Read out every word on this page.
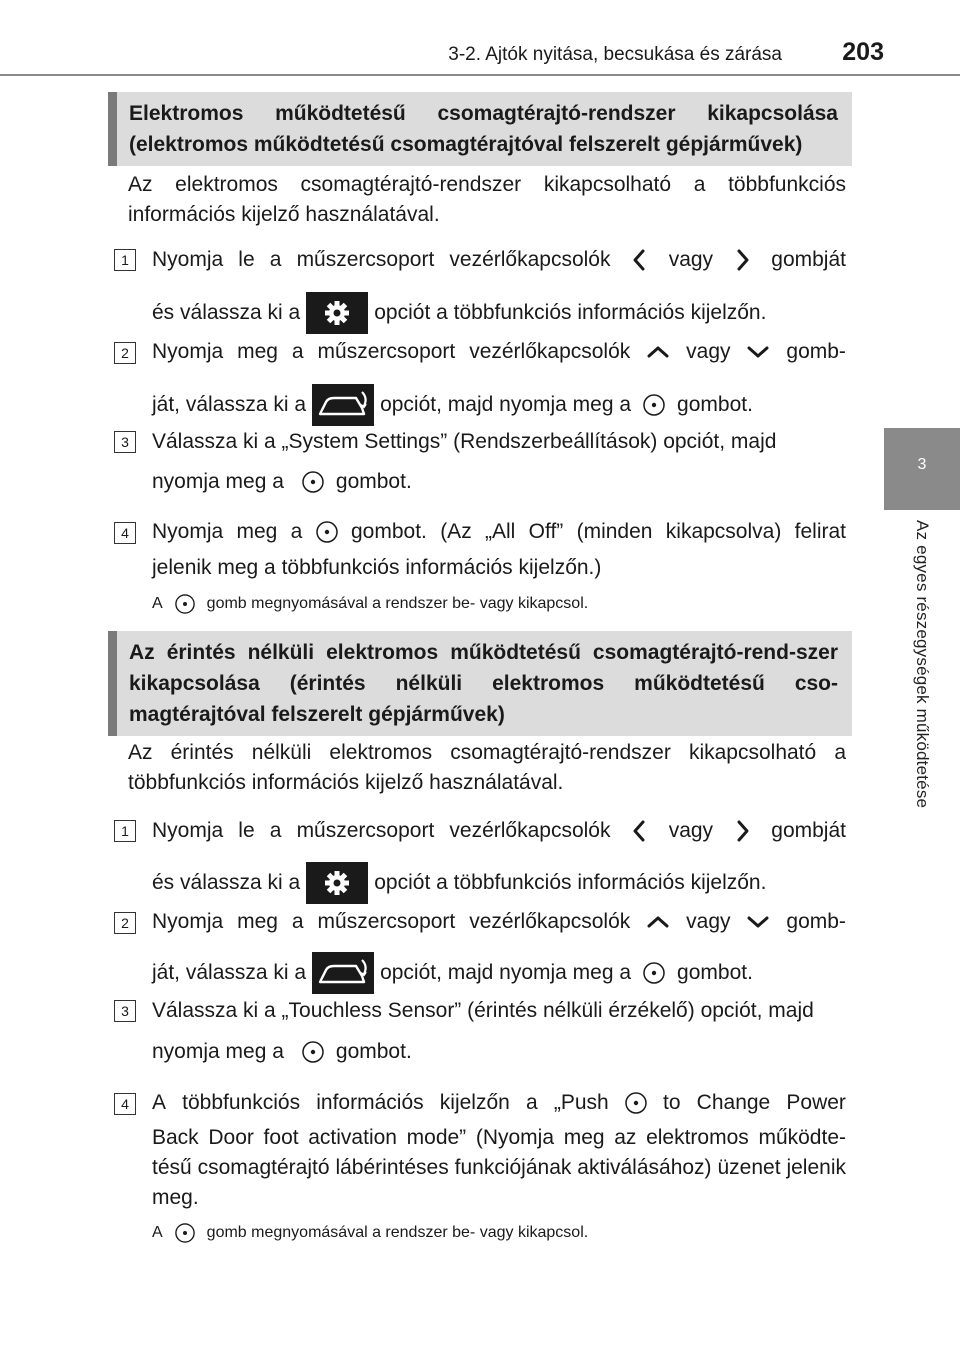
3-2. Ajtók nyitása, becsukása és zárása 203
3
Az egyes részegységek működtetése
Elektromos működtetésű csomagtérajtó-rendszer kikapcsolása (elektromos működtetésű csomagtérajtóval felszerelt gépjárművek)
Az elektromos csomagtérajtó-rendszer kikapcsolható a többfunkciós információs kijelző használatával.
1	Nyomja le a műszercsoport vezérlőkapcsolók	vagy	gombját
és válassza ki a	opciót a többfunkciós információs kijelzőn.
2	Nyomja meg a műszercsoport vezérlőkapcsolók	vagy	gomb-
ját, válassza ki a	opciót, majd nyomja meg a gombot.
3	Válassza ki a „System Settings” (Rendszerbeállítások) opciót, majd
nyomja meg a gombot.
4	Nyomja meg a gombot. (Az „All Off” (minden kikapcsolva) felirat
jelenik meg a többfunkciós információs kijelzőn.)
A	gomb megnyomásával a rendszer be- vagy kikapcsol.
Az érintés nélküli elektromos működtetésű csomagtérajtó-rend-szer kikapcsolása (érintés nélküli elektromos működtetésű cso-magtérajtóval felszerelt gépjárművek)
Az érintés nélküli elektromos csomagtérajtó-rendszer kikapcsolható a többfunkciós információs kijelző használatával.
1	Nyomja le a műszercsoport vezérlőkapcsolók	vagy	gombját
és válassza ki a	opciót a többfunkciós információs kijelzőn.
2	Nyomja meg a műszercsoport vezérlőkapcsolók	vagy	gomb-
ját, válassza ki a	opciót, majd nyomja meg a gombot.
3	Válassza ki a „Touchless Sensor” (érintés nélküli érzékelő) opciót, majd
nyomja meg a gombot.
4	A többfunkciós információs kijelzőn a „Push	to Change Power
Back Door foot activation mode” (Nyomja meg az elektromos működte-tésű csomagtérajtó lábérintéses funkciójának aktiválásához) üzenet jelenik meg.
A	gomb megnyomásával a rendszer be- vagy kikapcsol.
